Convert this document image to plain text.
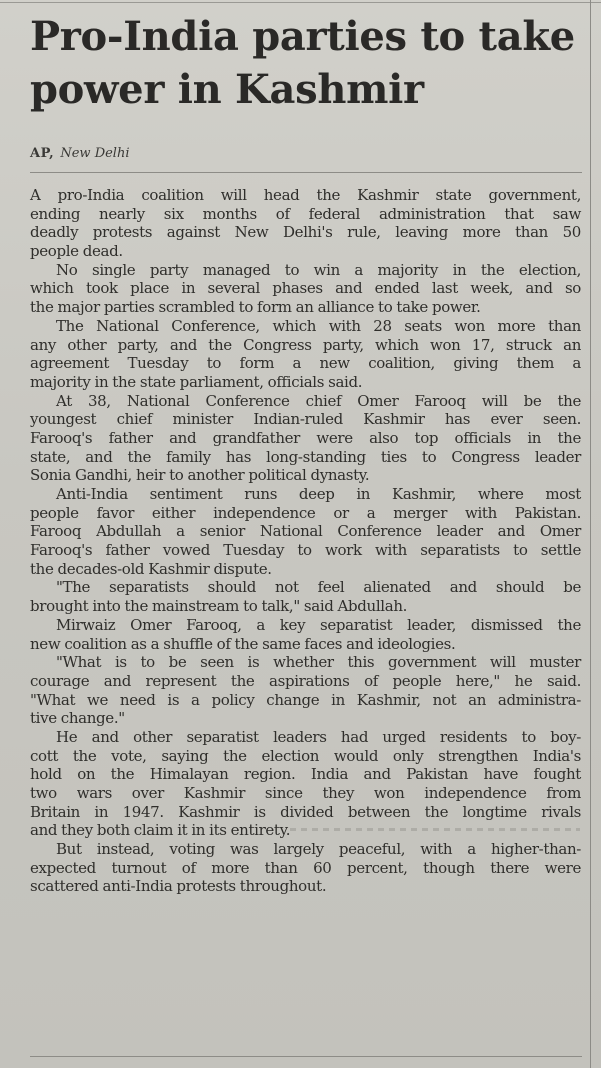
Pro-India parties to take
power in Kashmir
AP, New Delhi
A pro-India coalition will head the Kashmir state government,
ending nearly six months of federal administration that saw
deadly protests against New Delhi's rule, leaving more than 50
people dead.
No single party managed to win a majority in the election,
which took place in several phases and ended last week, and so
the major parties scrambled to form an alliance to take power.
The National Conference, which with 28 seats won more than
any other party, and the Congress party, which won 17, struck an
agreement Tuesday to form a new coalition, giving them a
majority in the state parliament, officials said.
At 38, National Conference chief Omer Farooq will be the
youngest chief minister Indian-ruled Kashmir has ever seen.
Farooq's father and grandfather were also top officials in the
state, and the family has long-standing ties to Congress leader
Sonia Gandhi, heir to another political dynasty.
Anti-India sentiment runs deep in Kashmir, where most
people favor either independence or a merger with Pakistan.
Farooq Abdullah a senior National Conference leader and Omer
Farooq's father vowed Tuesday to work with separatists to settle
the decades-old Kashmir dispute.
"The separatists should not feel alienated and should be
brought into the mainstream to talk," said Abdullah.
Mirwaiz Omer Farooq, a key separatist leader, dismissed the
new coalition as a shuffle of the same faces and ideologies.
"What is to be seen is whether this government will muster
courage and represent the aspirations of people here," he said.
"What we need is a policy change in Kashmir, not an administra-
tive change."
He and other separatist leaders had urged residents to boy-
cott the vote, saying the election would only strengthen India's
hold on the Himalayan region. India and Pakistan have fought
two wars over Kashmir since they won independence from
Britain in 1947. Kashmir is divided between the longtime rivals
and they both claim it in its entirety.
But instead, voting was largely peaceful, with a higher-than-
expected turnout of more than 60 percent, though there were
scattered anti-India protests throughout.
